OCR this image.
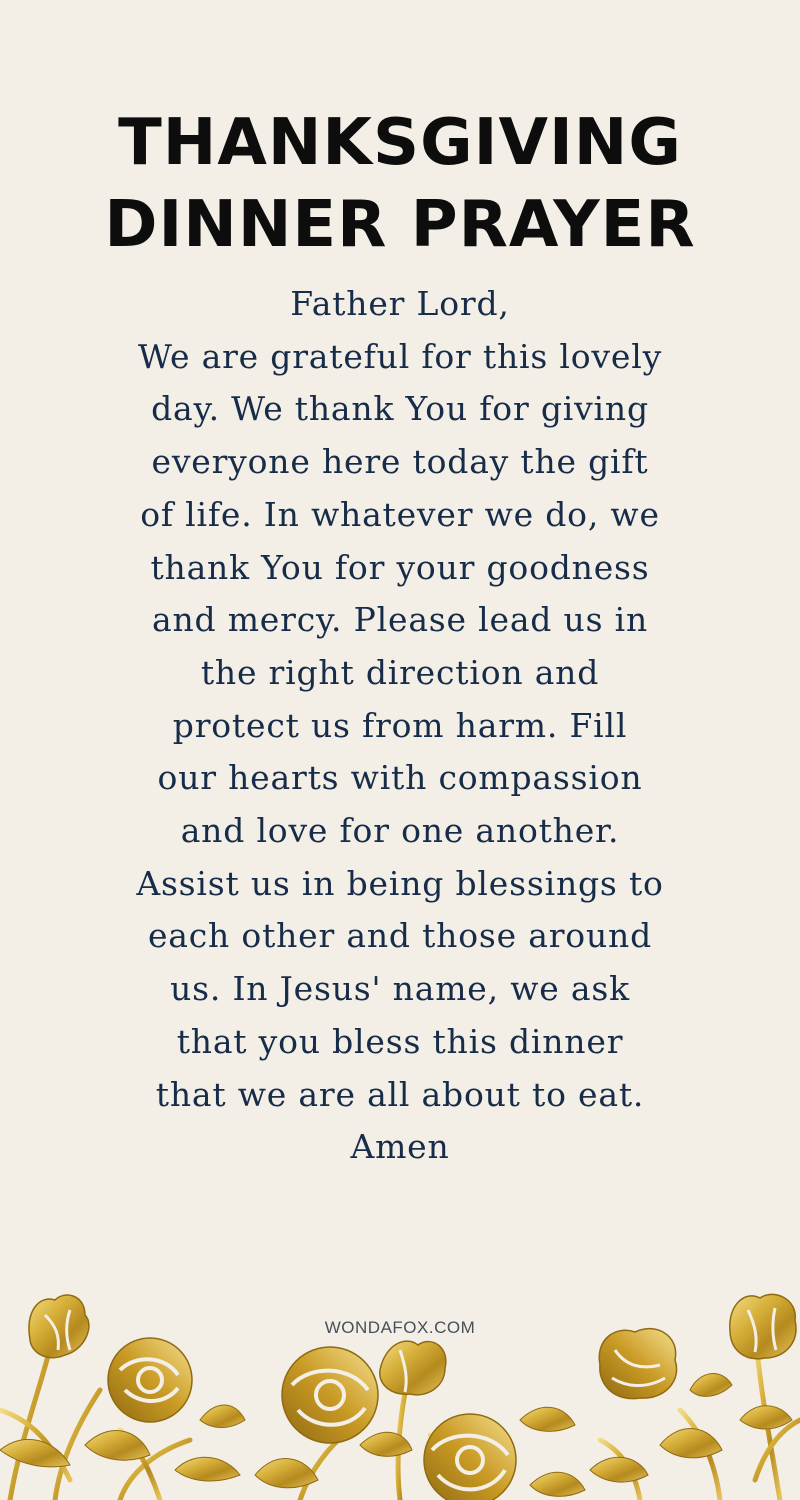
THANKSGIVING
DINNER PRAYER
Father Lord,
We are grateful for this lovely
day. We thank You for giving
everyone here today the gift
of life. In whatever we do, we
thank You for your goodness
and mercy. Please lead us in
the right direction and
protect us from harm. Fill
our hearts with compassion
and love for one another.
Assist us in being blessings to
each other and those around
us. In Jesus' name, we ask
that you bless this dinner
that we are all about to eat.
Amen
WONDAFOX.COM
